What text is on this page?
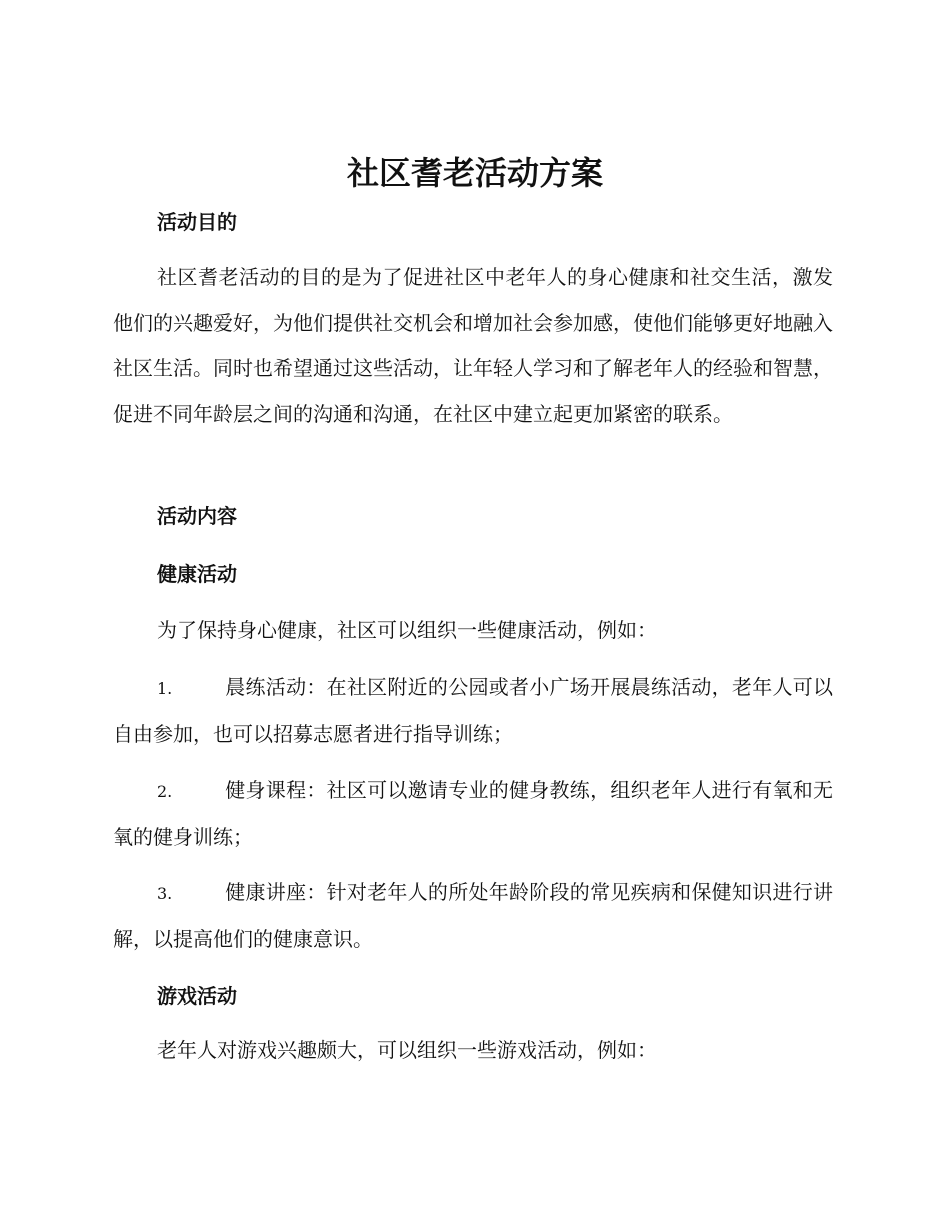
社区耆老活动方案
活动目的
社区耆老活动的目的是为了促进社区中老年人的身心健康和社交生活，激发他们的兴趣爱好，为他们提供社交机会和增加社会参加感，使他们能够更好地融入社区生活。同时也希望通过这些活动，让年轻人学习和了解老年人的经验和智慧，促进不同年龄层之间的沟通和沟通，在社区中建立起更加紧密的联系。
活动内容
健康活动
为了保持身心健康，社区可以组织一些健康活动，例如：
1.	晨练活动：在社区附近的公园或者小广场开展晨练活动，老年人可以自由参加，也可以招募志愿者进行指导训练；
2.	健身课程：社区可以邀请专业的健身教练，组织老年人进行有氧和无氧的健身训练；
3.	健康讲座：针对老年人的所处年龄阶段的常见疾病和保健知识进行讲解，以提高他们的健康意识。
游戏活动
老年人对游戏兴趣颇大，可以组织一些游戏活动，例如：
